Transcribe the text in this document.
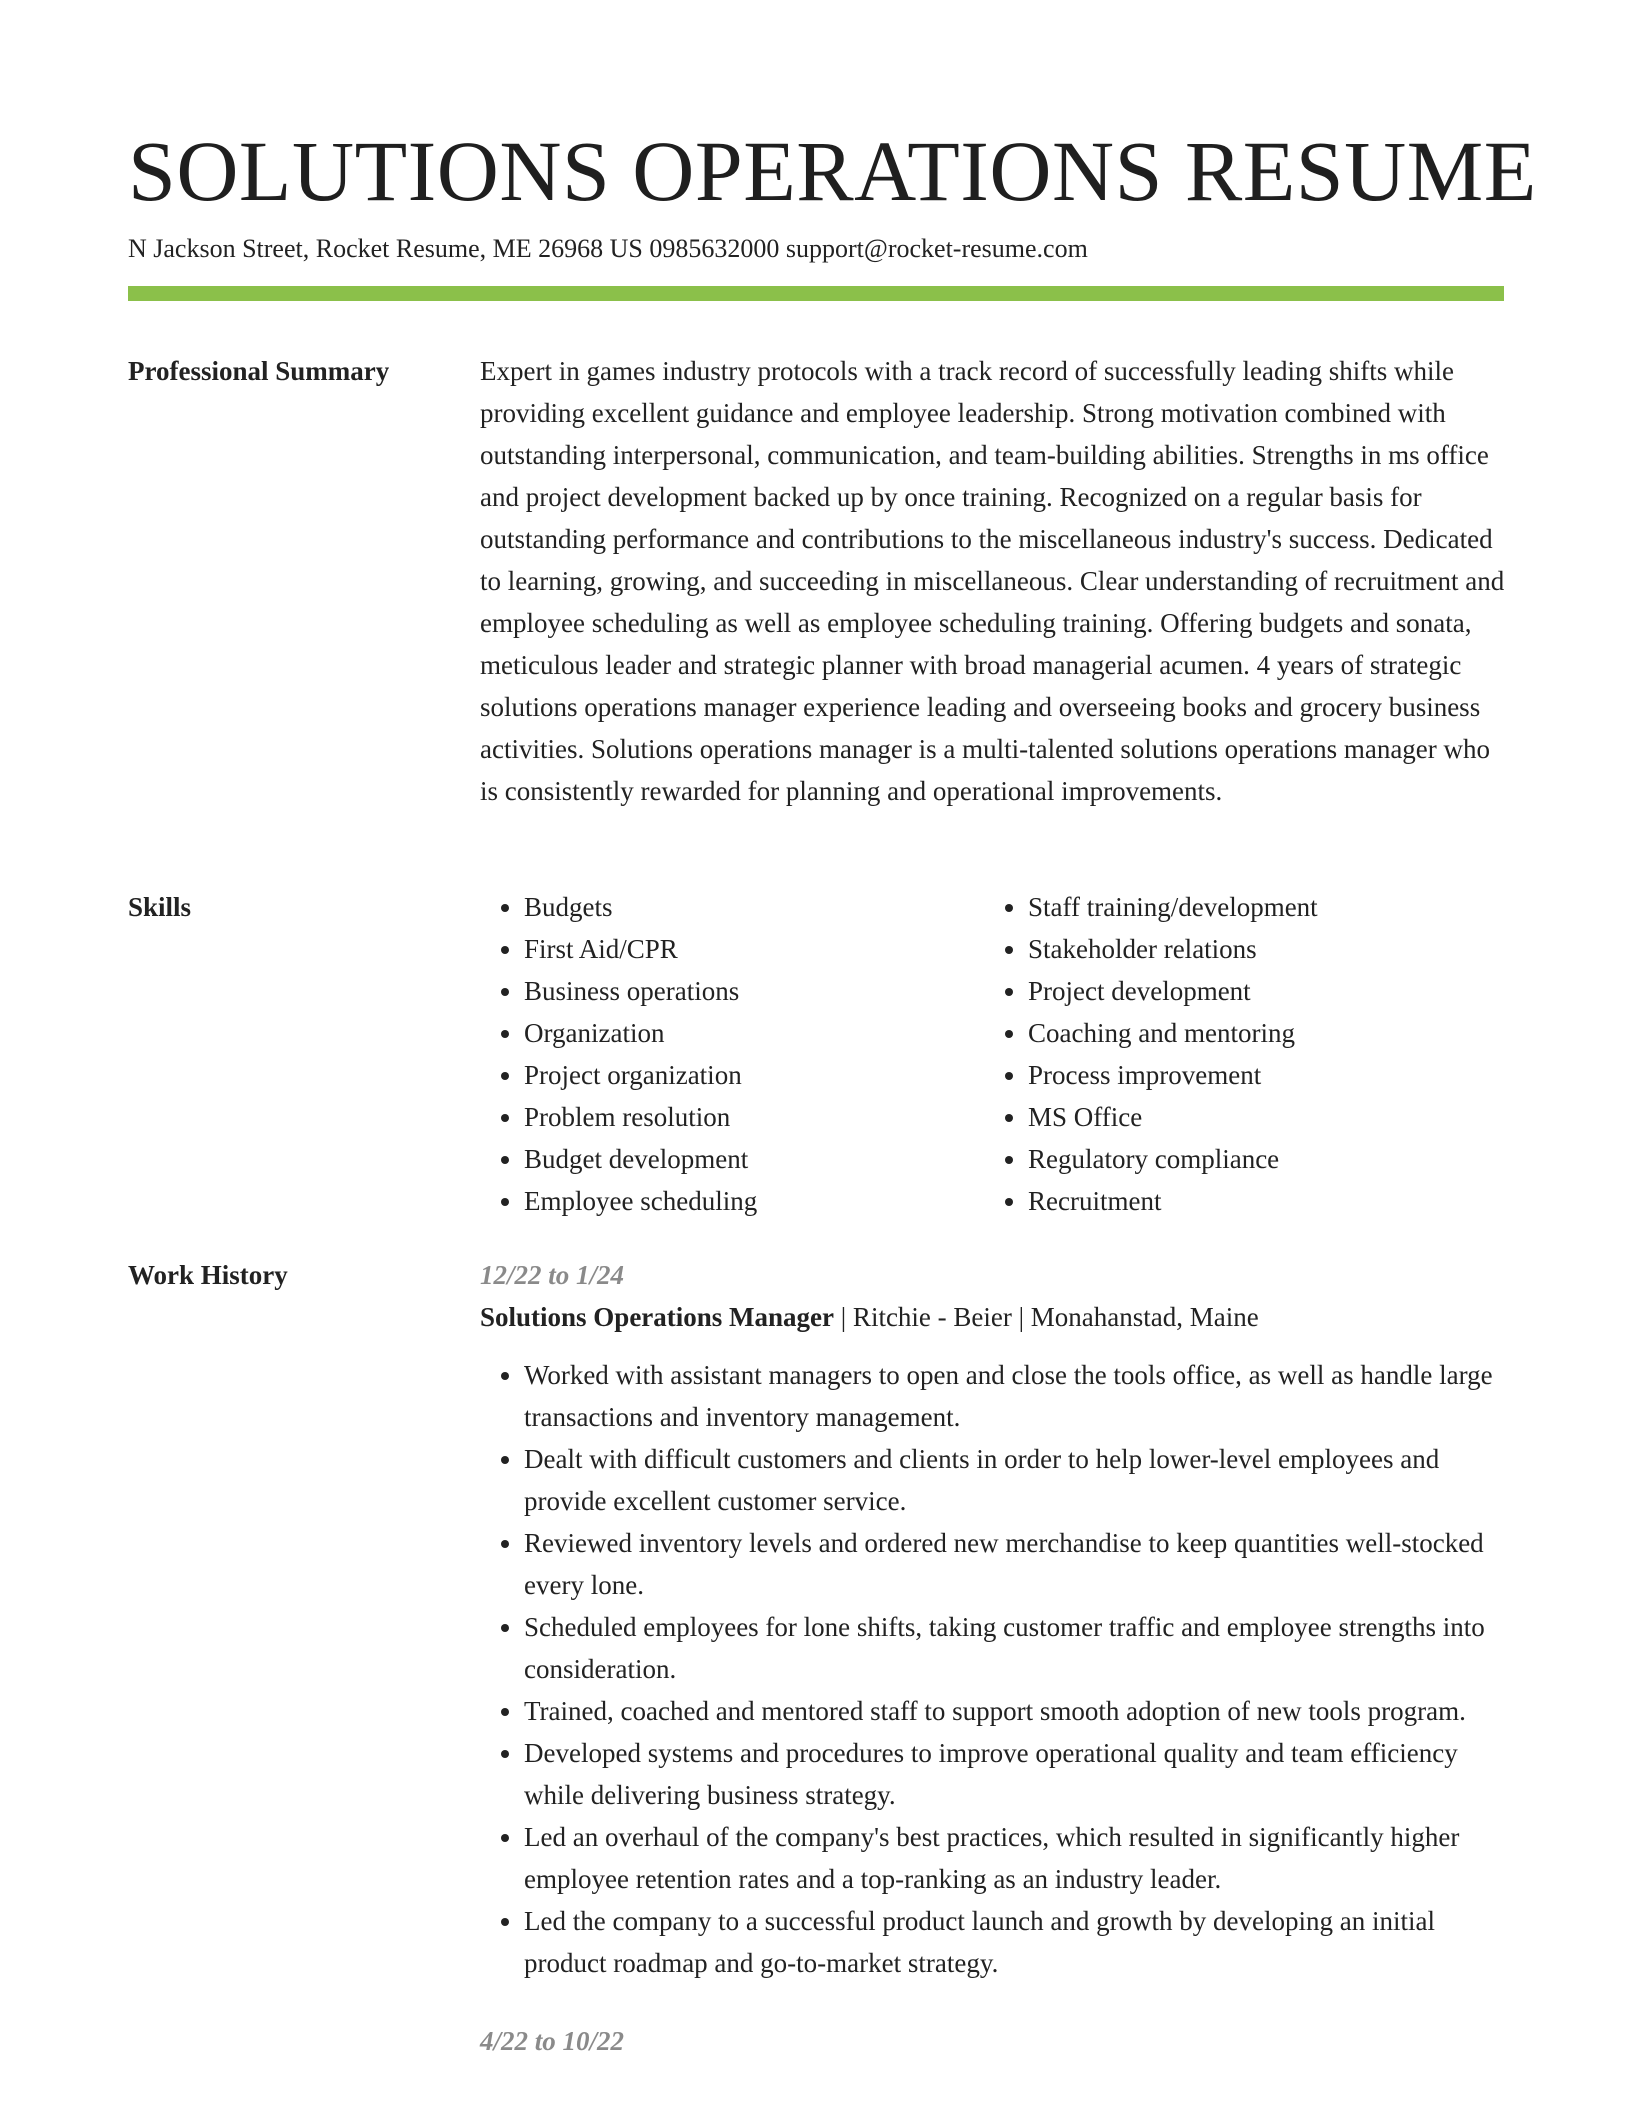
SOLUTIONS OPERATIONS RESUME
N Jackson Street, Rocket Resume, ME 26968 US 0985632000 support@rocket-resume.com
Professional Summary	Expert in games industry protocols with a track record of successfully leading shifts while providing excellent guidance and employee leadership. Strong motivation combined with outstanding interpersonal, communication, and team-building abilities. Strengths in ms office and project development backed up by once training. Recognized on a regular basis for outstanding performance and contributions to the miscellaneous industry's success. Dedicated to learning, growing, and succeeding in miscellaneous. Clear understanding of recruitment and employee scheduling as well as employee scheduling training. Offering budgets and sonata, meticulous leader and strategic planner with broad managerial acumen. 4 years of strategic solutions operations manager experience leading and overseeing books and grocery business activities. Solutions operations manager is a multi-talented solutions operations manager who is consistently rewarded for planning and operational improvements.

Skills
•	Budgets
• First Aid/CPR
• Business operations
• Organization
• Project organization
• Problem resolution
• Budget development
• Employee scheduling
• Staff training/development
• Stakeholder relations
• Project development
• Coaching and mentoring
• Process improvement
• MS Office
• Regulatory compliance
• Recruitment
Work History	12/22 to 1/24
Solutions Operations Manager | Ritchie - Beier | Monahanstad, Maine
• Worked with assistant managers to open and close the tools office, as well as handle large transactions and inventory management.
• Dealt with difficult customers and clients in order to help lower-level employees and provide excellent customer service.
• Reviewed inventory levels and ordered new merchandise to keep quantities well-stocked every lone.
• Scheduled employees for lone shifts, taking customer traffic and employee strengths into consideration.
• Trained, coached and mentored staff to support smooth adoption of new tools program.
• Developed systems and procedures to improve operational quality and team efficiency while delivering business strategy.
• Led an overhaul of the company's best practices, which resulted in significantly higher employee retention rates and a top-ranking as an industry leader.
• Led the company to a successful product launch and growth by developing an initial product roadmap and go-to-market strategy.
4/22 to 10/22
